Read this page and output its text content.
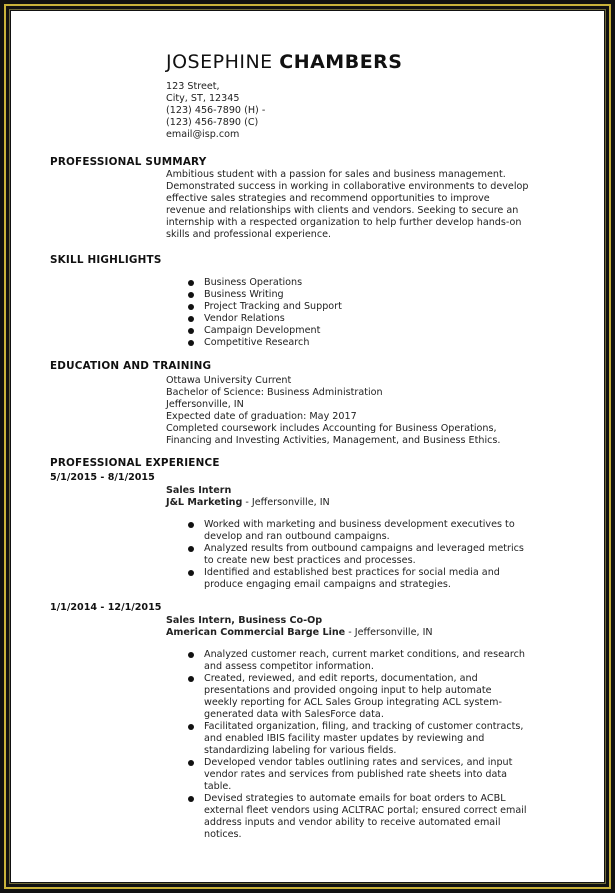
JOSEPHINE CHAMBERS
123 Street,
City, ST, 12345
(123) 456-7890 (H) -
(123) 456-7890 (C)
email@isp.com
PROFESSIONAL SUMMARY
Ambitious student with a passion for sales and business management.
Demonstrated success in working in collaborative environments to develop
effective sales strategies and recommend opportunities to improve
revenue and relationships with clients and vendors. Seeking to secure an
internship with a respected organization to help further develop hands-on
skills and professional experience.
SKILL HIGHLIGHTS
Business Operations
Business Writing
Project Tracking and Support
Vendor Relations
Campaign Development
Competitive Research
EDUCATION AND TRAINING
Ottawa University Current
Bachelor of Science: Business Administration
Jeffersonville, IN
Expected date of graduation: May 2017
Completed coursework includes Accounting for Business Operations,
Financing and Investing Activities, Management, and Business Ethics.
PROFESSIONAL EXPERIENCE
5/1/2015 - 8/1/2015
Sales Intern
J&L Marketing - Jeffersonville, IN
Worked with marketing and business development executives to
develop and ran outbound campaigns.
Analyzed results from outbound campaigns and leveraged metrics
to create new best practices and processes.
Identified and established best practices for social media and
produce engaging email campaigns and strategies.
1/1/2014 - 12/1/2015
Sales Intern, Business Co-Op
American Commercial Barge Line - Jeffersonville, IN
Analyzed customer reach, current market conditions, and research
and assess competitor information.
Created, reviewed, and edit reports, documentation, and
presentations and provided ongoing input to help automate
weekly reporting for ACL Sales Group integrating ACL system-
generated data with SalesForce data.
Facilitated organization, filing, and tracking of customer contracts,
and enabled IBIS facility master updates by reviewing and
standardizing labeling for various fields.
Developed vendor tables outlining rates and services, and input
vendor rates and services from published rate sheets into data
table.
Devised strategies to automate emails for boat orders to ACBL
external fleet vendors using ACLTRAC portal; ensured correct email
address inputs and vendor ability to receive automated email
notices.
